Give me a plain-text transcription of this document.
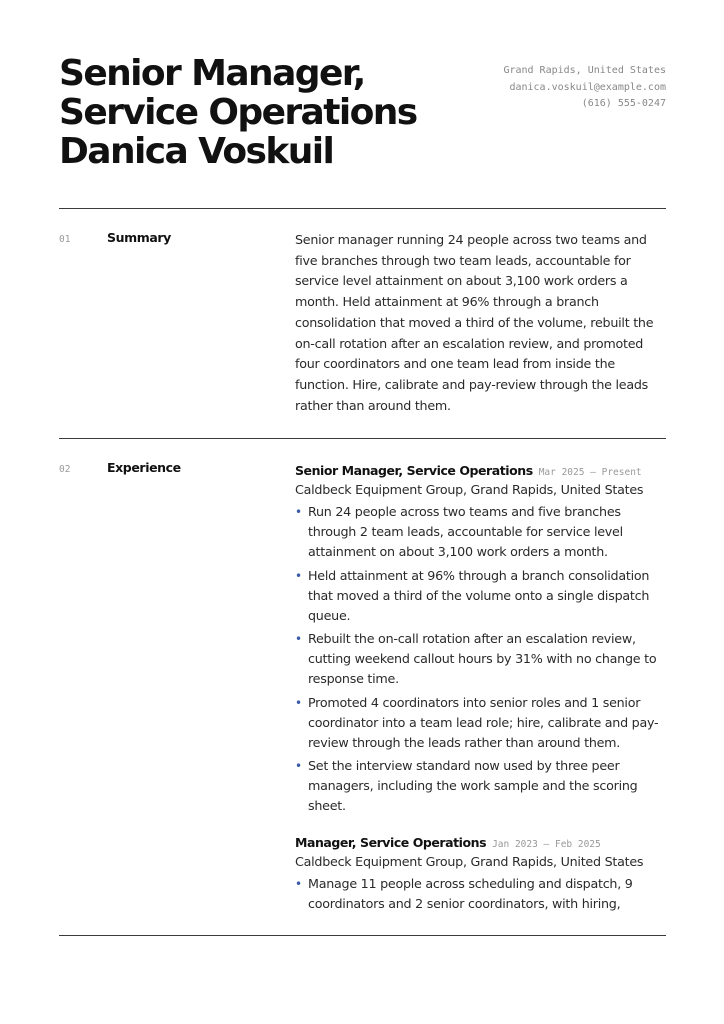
Senior Manager,
Service Operations
Danica Voskuil
Grand Rapids, United States
danica.voskuil@example.com
(616) 555-0247
01	Summary	Senior manager running 24 people across two teams and five branches through two team leads, accountable for service level attainment on about 3,100 work orders a month. Held attainment at 96% through a branch consolidation that moved a third of the volume, rebuilt the on-call rotation after an escalation review, and promoted four coordinators and one team lead from inside the function. Hire, calibrate and pay-review through the leads rather than around them.
02	Experience	Senior Manager, Service Operations Mar 2025 — Present
Caldbeck Equipment Group, Grand Rapids, United States
• Run 24 people across two teams and five branches through 2 team leads, accountable for service level attainment on about 3,100 work orders a month.
• Held attainment at 96% through a branch consolidation that moved a third of the volume onto a single dispatch queue.
• Rebuilt the on-call rotation after an escalation review, cutting weekend callout hours by 31% with no change to response time.
• Promoted 4 coordinators into senior roles and 1 senior coordinator into a team lead role; hire, calibrate and pay-review through the leads rather than around them.
• Set the interview standard now used by three peer managers, including the work sample and the scoring sheet.
Manager, Service Operations Jan 2023 — Feb 2025
Caldbeck Equipment Group, Grand Rapids, United States
• Manage 11 people across scheduling and dispatch, 9 coordinators and 2 senior coordinators, with hiring,
